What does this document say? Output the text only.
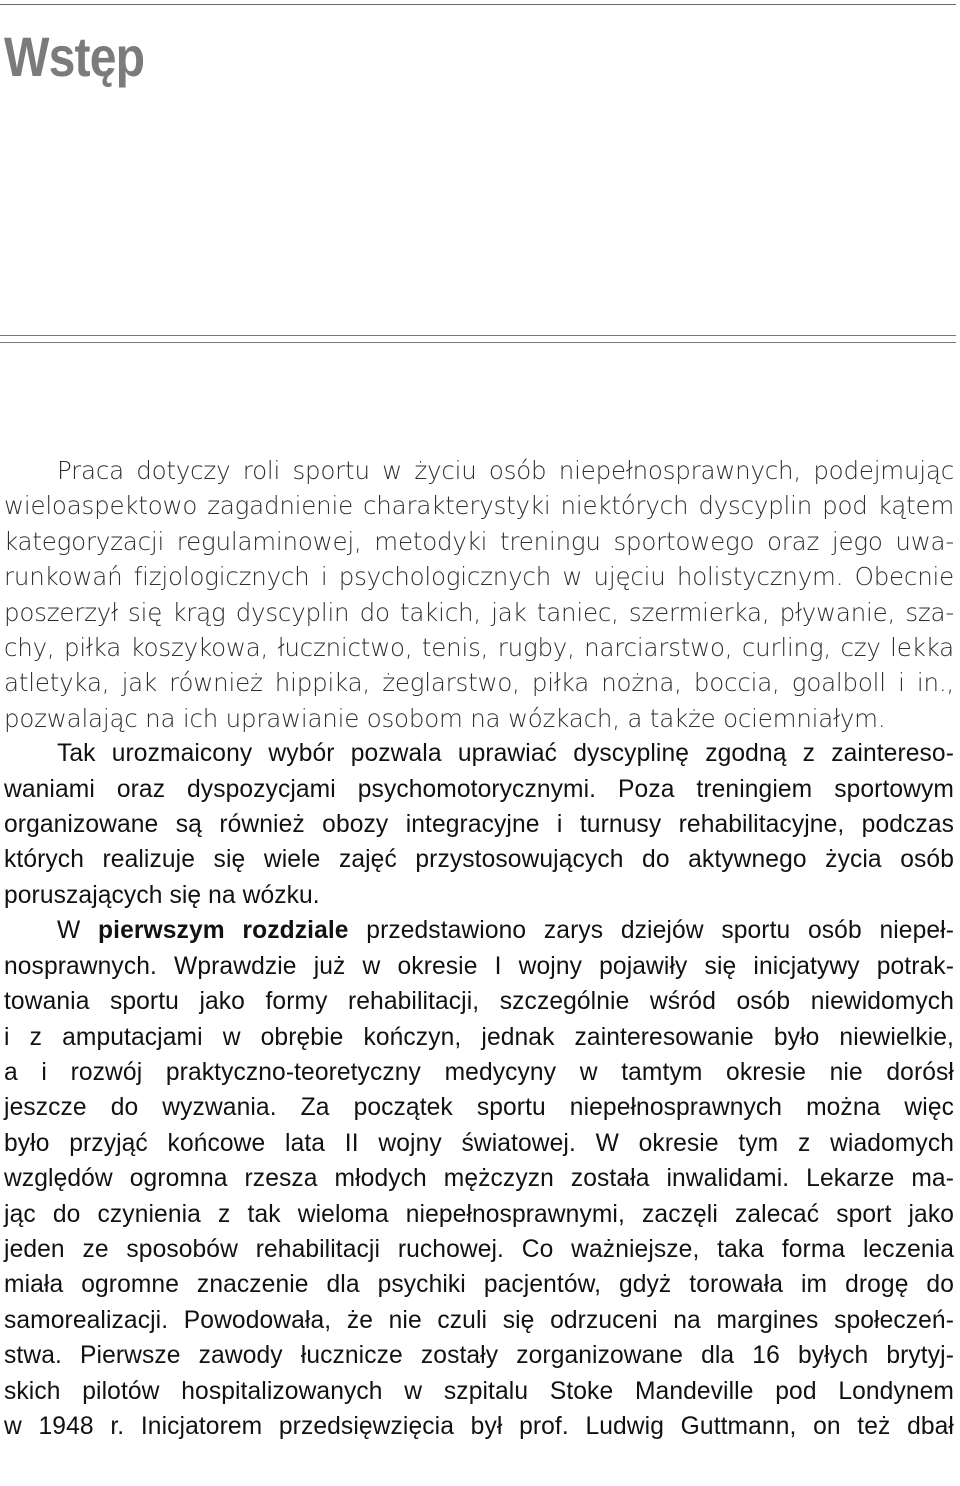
Wstęp

Praca dotyczy roli sportu w życiu osób niepełnosprawnych, podejmując
wieloaspektowo zagadnienie charakterystyki niektórych dyscyplin pod kątem
kategoryzacji regulaminowej, metodyki treningu sportowego oraz jego uwa-
runkowań fizjologicznych i psychologicznych w ujęciu holistycznym. Obecnie
poszerzył się krąg dyscyplin do takich, jak taniec, szermierka, pływanie, sza-
chy, piłka koszykowa, łucznictwo, tenis, rugby, narciarstwo, curling, czy lekka
atletyka, jak również hippika, żeglarstwo, piłka nożna, boccia, goalboll i in.,
pozwalając na ich uprawianie osobom na wózkach, a także ociemniałym.

Tak urozmaicony wybór pozwala uprawiać dyscyplinę zgodną z zaintereso-
waniami oraz dyspozycjami psychomotorycznymi. Poza treningiem sportowym
organizowane są również obozy integracyjne i turnusy rehabilitacyjne, podczas
których realizuje się wiele zajęć przystosowujących do aktywnego życia osób
poruszających się na wózku.

W pierwszym rozdziale przedstawiono zarys dziejów sportu osób niepeł-
nosprawnych. Wprawdzie już w okresie I wojny pojawiły się inicjatywy potrak-
towania sportu jako formy rehabilitacji, szczególnie wśród osób niewidomych
i z amputacjami w obrębie kończyn, jednak zainteresowanie było niewielkie,
a i rozwój praktyczno-teoretyczny medycyny w tamtym okresie nie dorósł
jeszcze do wyzwania. Za początek sportu niepełnosprawnych można więc
było przyjąć końcowe lata II wojny światowej. W okresie tym z wiadomych
względów ogromna rzesza młodych mężczyzn została inwalidami. Lekarze ma-
jąc do czynienia z tak wieloma niepełnosprawnymi, zaczęli zalecać sport jako
jeden ze sposobów rehabilitacji ruchowej. Co ważniejsze, taka forma leczenia
miała ogromne znaczenie dla psychiki pacjentów, gdyż torowała im drogę do
samorealizacji. Powodowała, że nie czuli się odrzuceni na margines społeczeń-
stwa. Pierwsze zawody łucznicze zostały zorganizowane dla 16 byłych brytyj-
skich pilotów hospitalizowanych w szpitalu Stoke Mandeville pod Londynem
w 1948 r. Inicjatorem przedsięwzięcia był prof. Ludwig Guttmann, on też dbał
